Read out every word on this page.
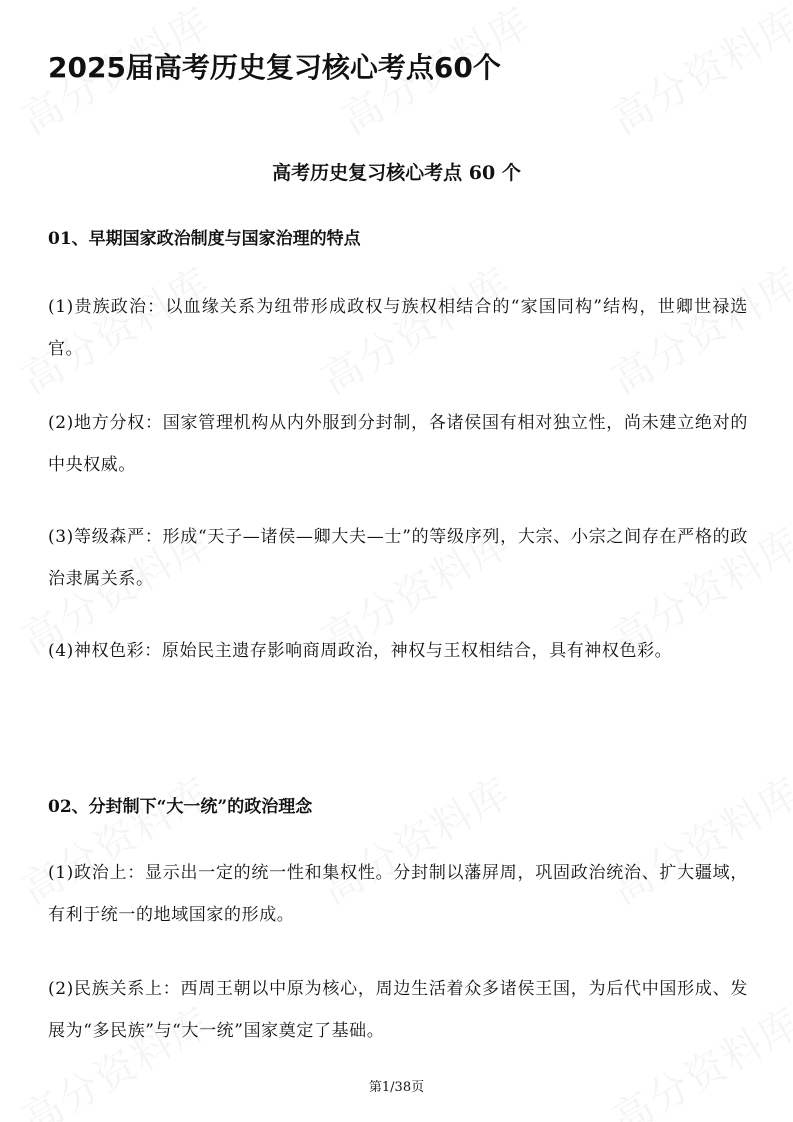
2025届高考历史复习核心考点60个
高考历史复习核心考点 60 个
01、早期国家政治制度与国家治理的特点
(1)贵族政治：以血缘关系为纽带形成政权与族权相结合的“家国同构”结构，世卿世禄选官。
(2)地方分权：国家管理机构从内外服到分封制，各诸侯国有相对独立性，尚未建立绝对的中央权威。
(3)等级森严：形成“天子—诸侯—卿大夫—士”的等级序列，大宗、小宗之间存在严格的政治隶属关系。
(4)神权色彩：原始民主遗存影响商周政治，神权与王权相结合，具有神权色彩。
02、分封制下“大一统”的政治理念
(1)政治上：显示出一定的统一性和集权性。分封制以藩屏周，巩固政治统治、扩大疆域，有利于统一的地域国家的形成。
(2)民族关系上：西周王朝以中原为核心，周边生活着众多诸侯王国，为后代中国形成、发展为“多民族”与“大一统”国家奠定了基础。
第1/38页
